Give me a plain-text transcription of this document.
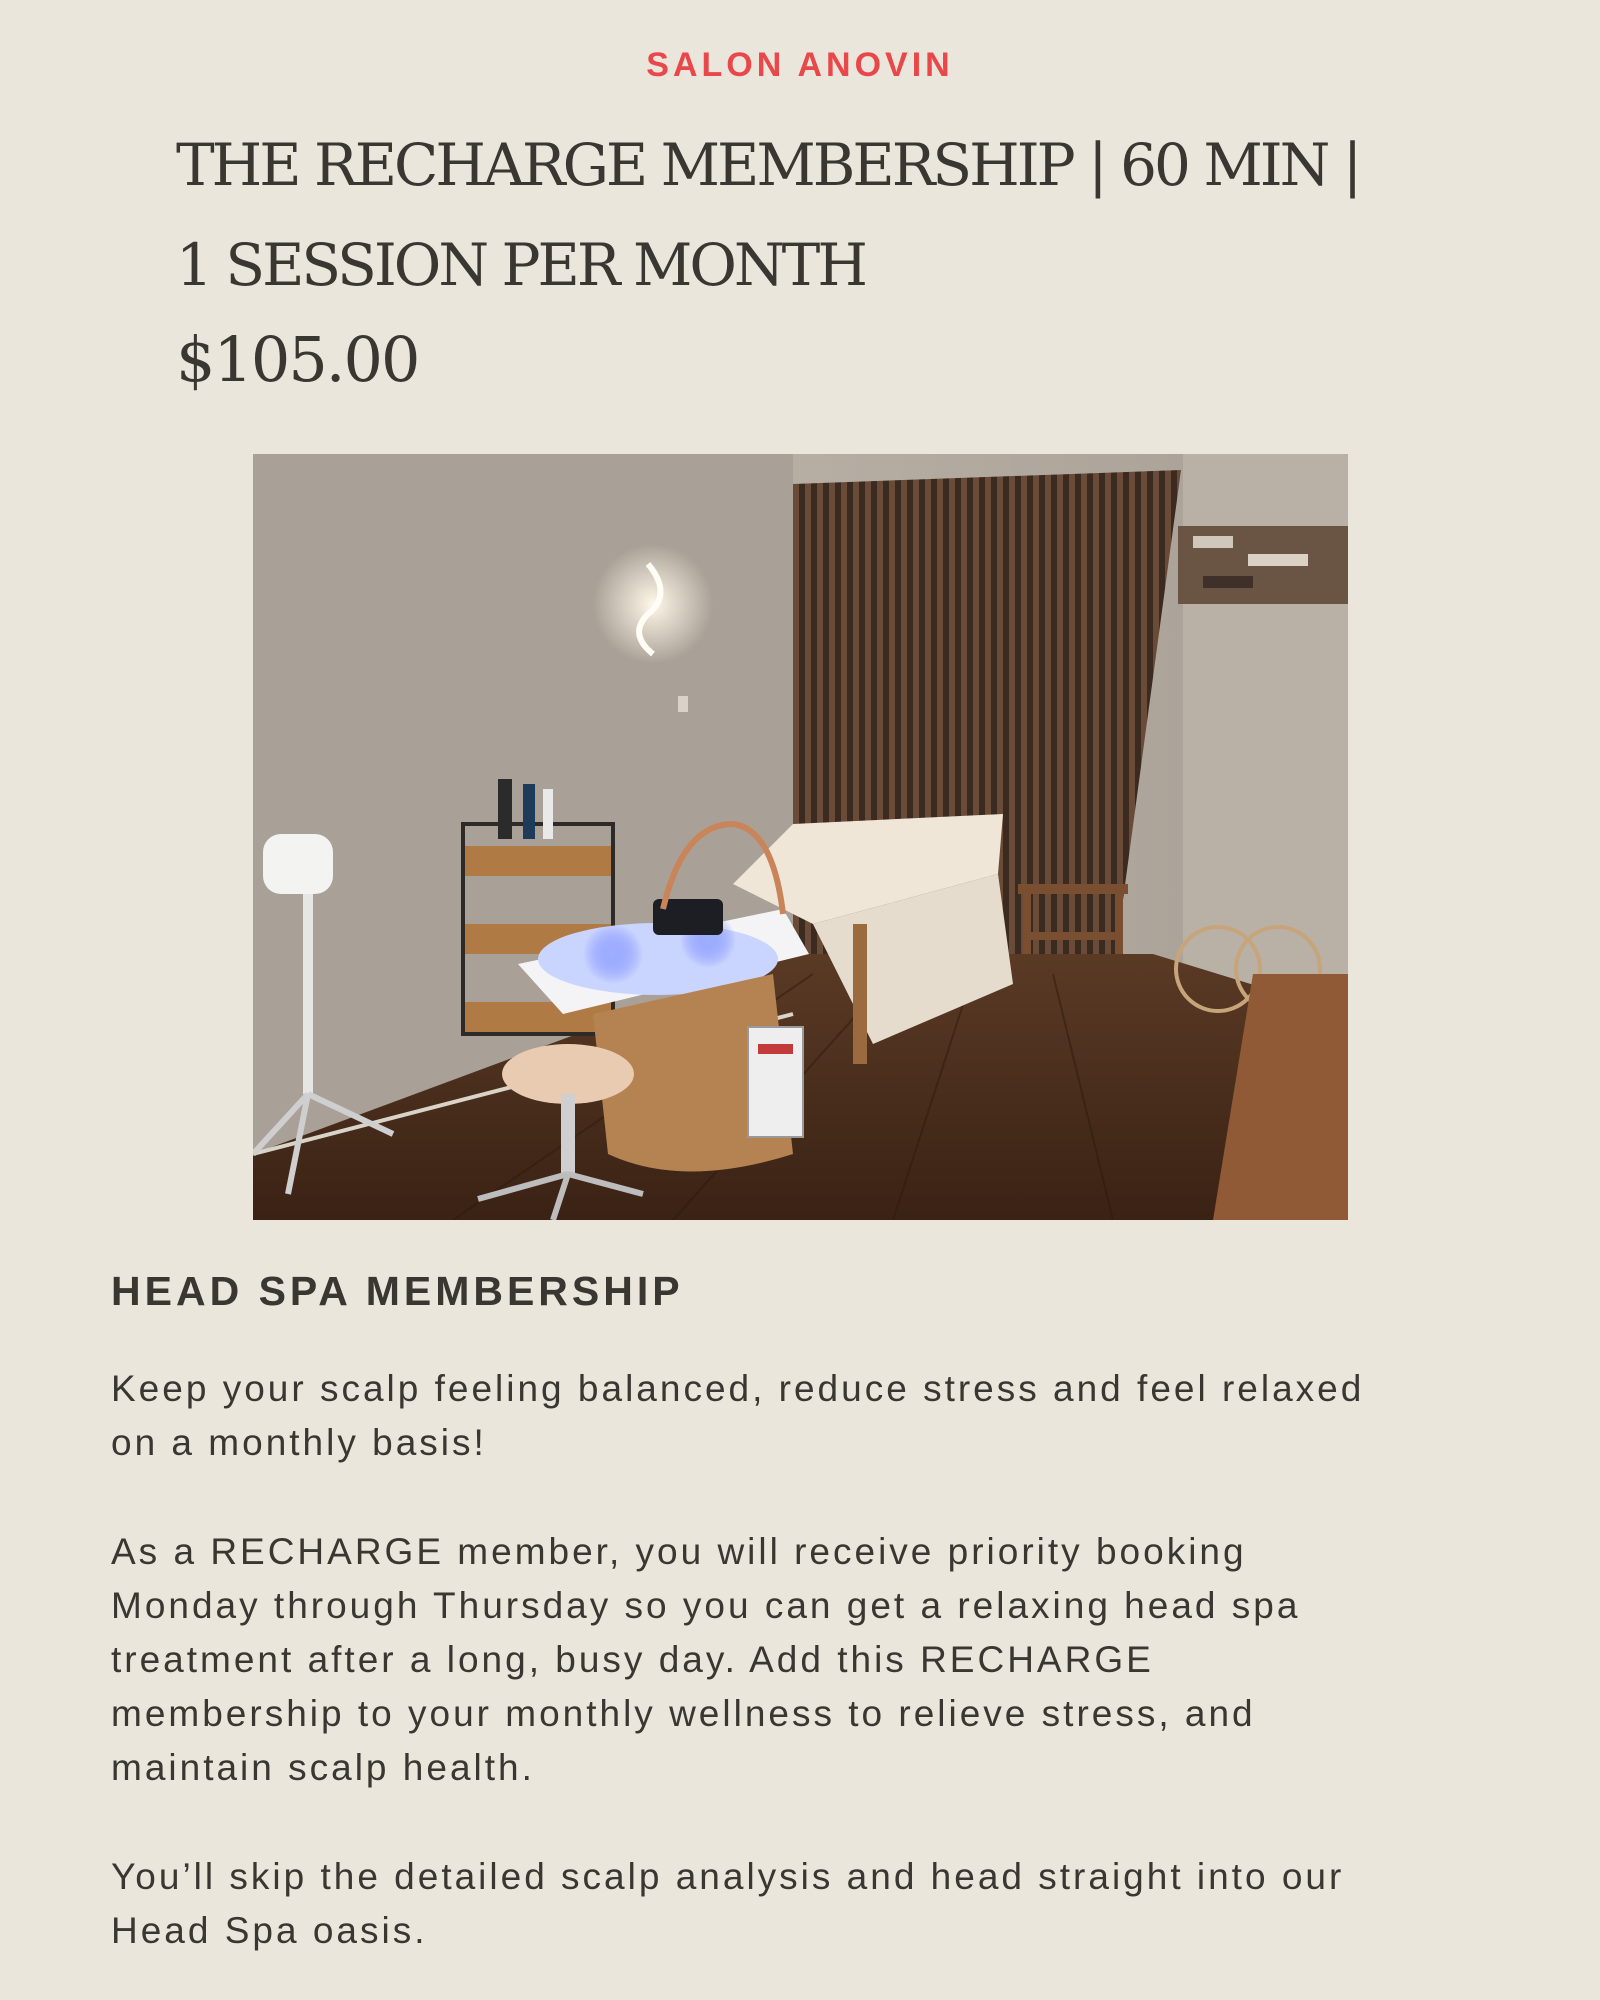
SALON ANOVIN
THE RECHARGE MEMBERSHIP | 60 MIN |
1 SESSION PER MONTH

$105.00

HEAD SPA MEMBERSHIP

Keep your scalp feeling balanced, reduce stress and feel relaxed
on a monthly basis!

As a RECHARGE member, you will receive priority booking
Monday through Thursday so you can get a relaxing head spa
treatment after a long, busy day. Add this RECHARGE
membership to your monthly wellness to relieve stress, and
maintain scalp health.

You’ll skip the detailed scalp analysis and head straight into our
Head Spa oasis.
